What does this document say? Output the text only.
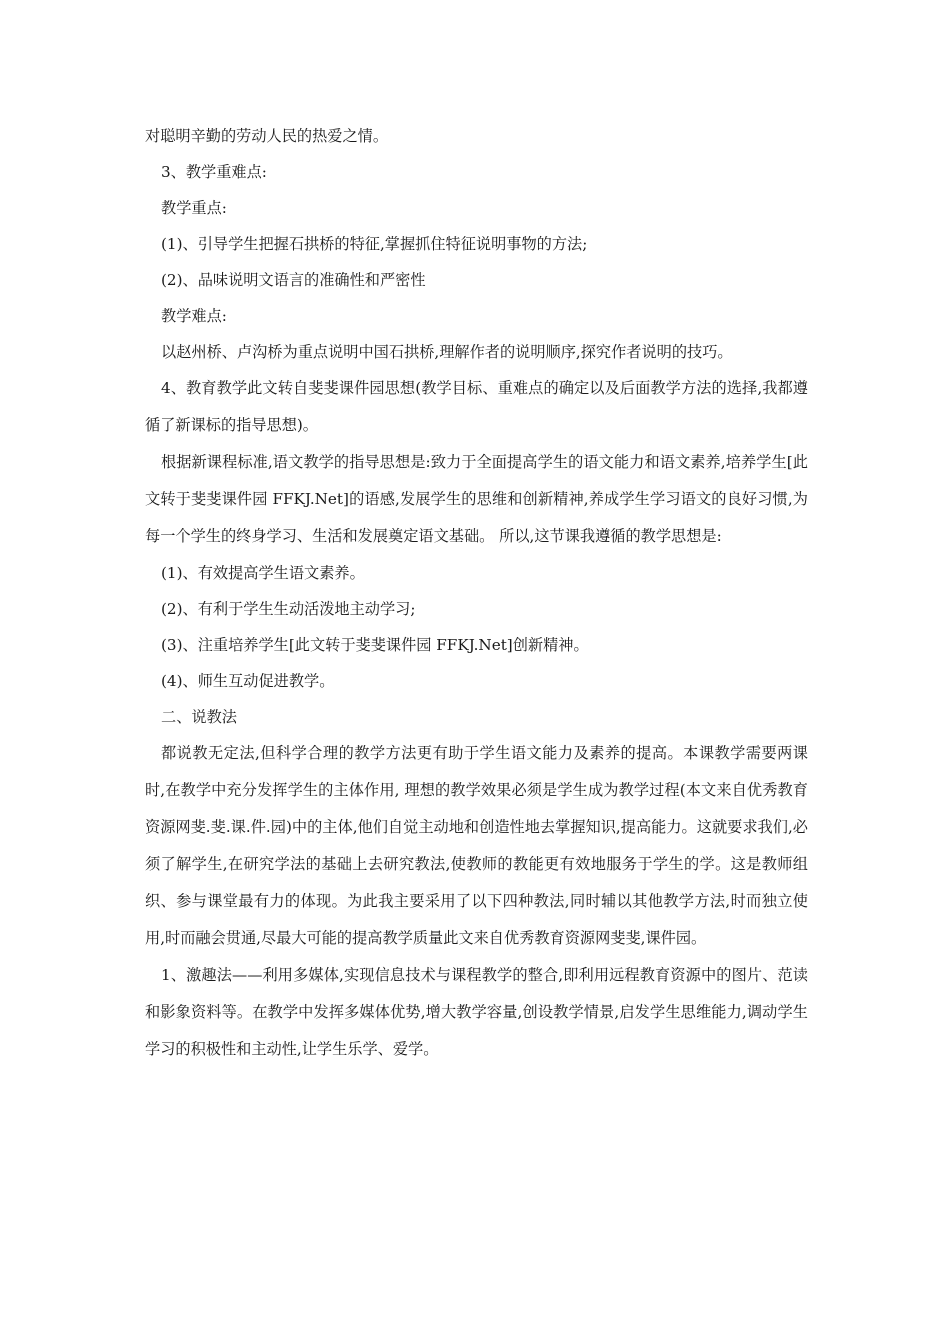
对聪明辛勤的劳动人民的热爱之情。

3、教学重难点:

教学重点:

(1)、引导学生把握石拱桥的特征,掌握抓住特征说明事物的方法;

(2)、品味说明文语言的准确性和严密性

教学难点:

以赵州桥、卢沟桥为重点说明中国石拱桥,理解作者的说明顺序,探究作者说明的技巧。

4、教育教学此文转自斐斐课件园思想(教学目标、重难点的确定以及后面教学方法的选择,我都遵循了新课标的指导思想)。

根据新课程标准,语文教学的指导思想是:致力于全面提高学生的语文能力和语文素养,培养学生[此文转于斐斐课件园 FFKJ.Net]的语感,发展学生的思维和创新精神,养成学生学习语文的良好习惯,为每一个学生的终身学习、生活和发展奠定语文基础。 所以,这节课我遵循的教学思想是:

(1)、有效提高学生语文素养。

(2)、有利于学生生动活泼地主动学习;

(3)、注重培养学生[此文转于斐斐课件园 FFKJ.Net]创新精神。

(4)、师生互动促进教学。

二、说教法

都说教无定法,但科学合理的教学方法更有助于学生语文能力及素养的提高。本课教学需要两课时,在教学中充分发挥学生的主体作用, 理想的教学效果必须是学生成为教学过程(本文来自优秀教育资源网斐.斐.课.件.园)中的主体,他们自觉主动地和创造性地去掌握知识,提高能力。这就要求我们,必须了解学生,在研究学法的基础上去研究教法,使教师的教能更有效地服务于学生的学。这是教师组织、参与课堂最有力的体现。为此我主要采用了以下四种教法,同时辅以其他教学方法,时而独立使用,时而融会贯通,尽最大可能的提高教学质量此文来自优秀教育资源网斐斐,课件园。

1、激趣法——利用多媒体,实现信息技术与课程教学的整合,即利用远程教育资源中的图片、范读和影象资料等。在教学中发挥多媒体优势,增大教学容量,创设教学情景,启发学生思维能力,调动学生学习的积极性和主动性,让学生乐学、爱学。
